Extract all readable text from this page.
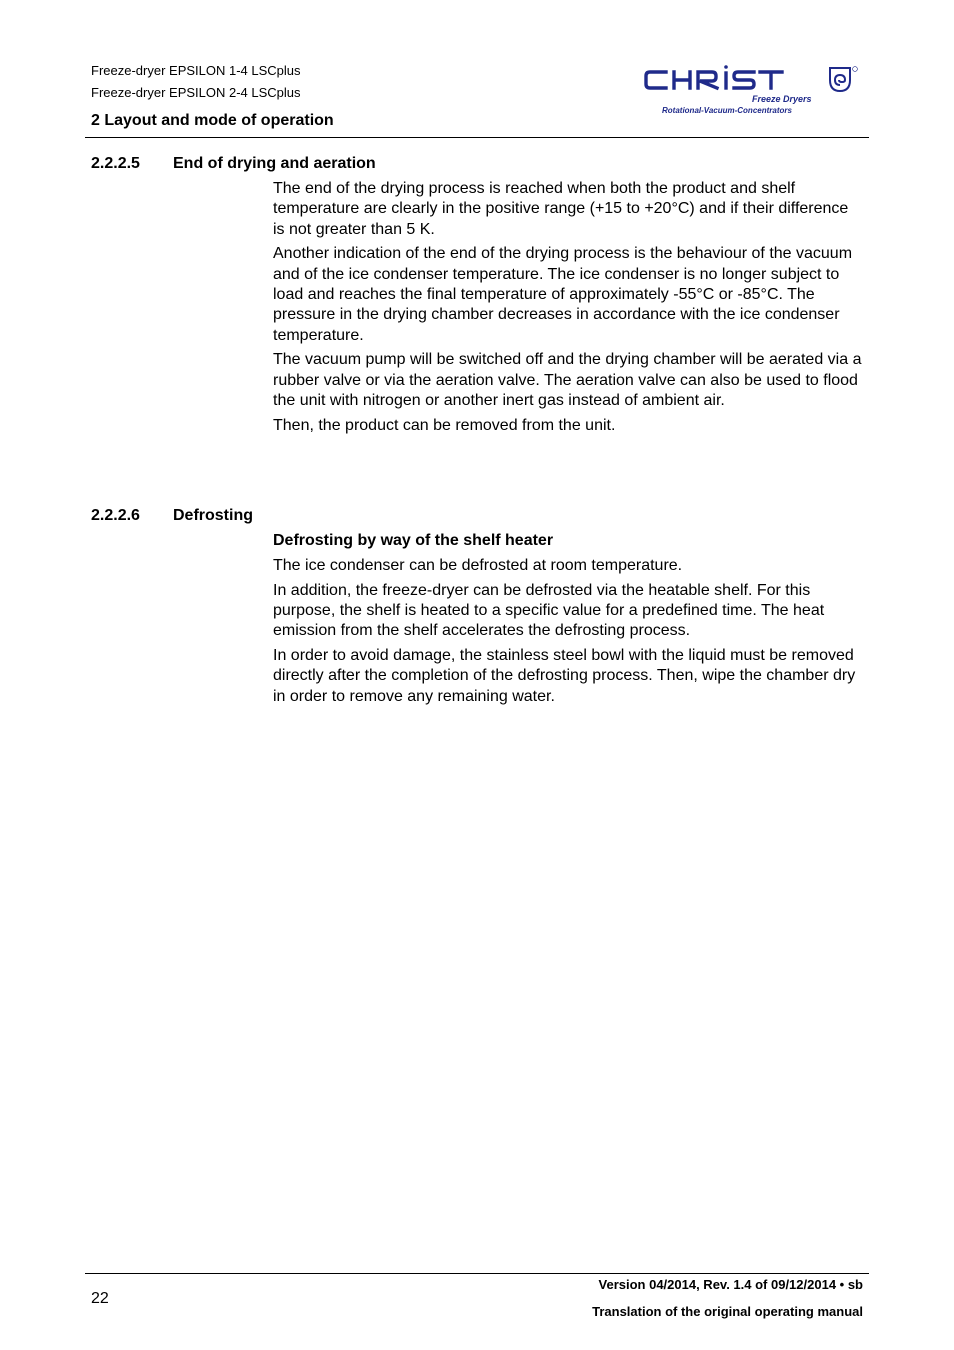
Freeze-dryer EPSILON 1-4 LSCplus
Freeze-dryer EPSILON 2-4 LSCplus
2 Layout and mode of operation
Freeze Dryers
Rotational-Vacuum-Concentrators
2.2.2.5 End of drying and aeration

The end of the drying process is reached when both the product and shelf temperature are clearly in the positive range (+15 to +20°C) and if their difference is not greater than 5 K.

Another indication of the end of the drying process is the behaviour of the vacuum and of the ice condenser temperature. The ice condenser is no longer subject to load and reaches the final temperature of approximately -55°C or -85°C. The pressure in the drying chamber decreases in accordance with the ice condenser temperature.

The vacuum pump will be switched off and the drying chamber will be aerated via a rubber valve or via the aeration valve. The aeration valve can also be used to flood the unit with nitrogen or another inert gas instead of ambient air.

Then, the product can be removed from the unit.

2.2.2.6 Defrosting

Defrosting by way of the shelf heater

The ice condenser can be defrosted at room temperature.

In addition, the freeze-dryer can be defrosted via the heatable shelf. For this purpose, the shelf is heated to a specific value for a predefined time. The heat emission from the shelf accelerates the defrosting process.

In order to avoid damage, the stainless steel bowl with the liquid must be removed directly after the completion of the defrosting process. Then, wipe the chamber dry in order to remove any remaining water.

22
Version 04/2014, Rev. 1.4 of 09/12/2014 • sb
Translation of the original operating manual
